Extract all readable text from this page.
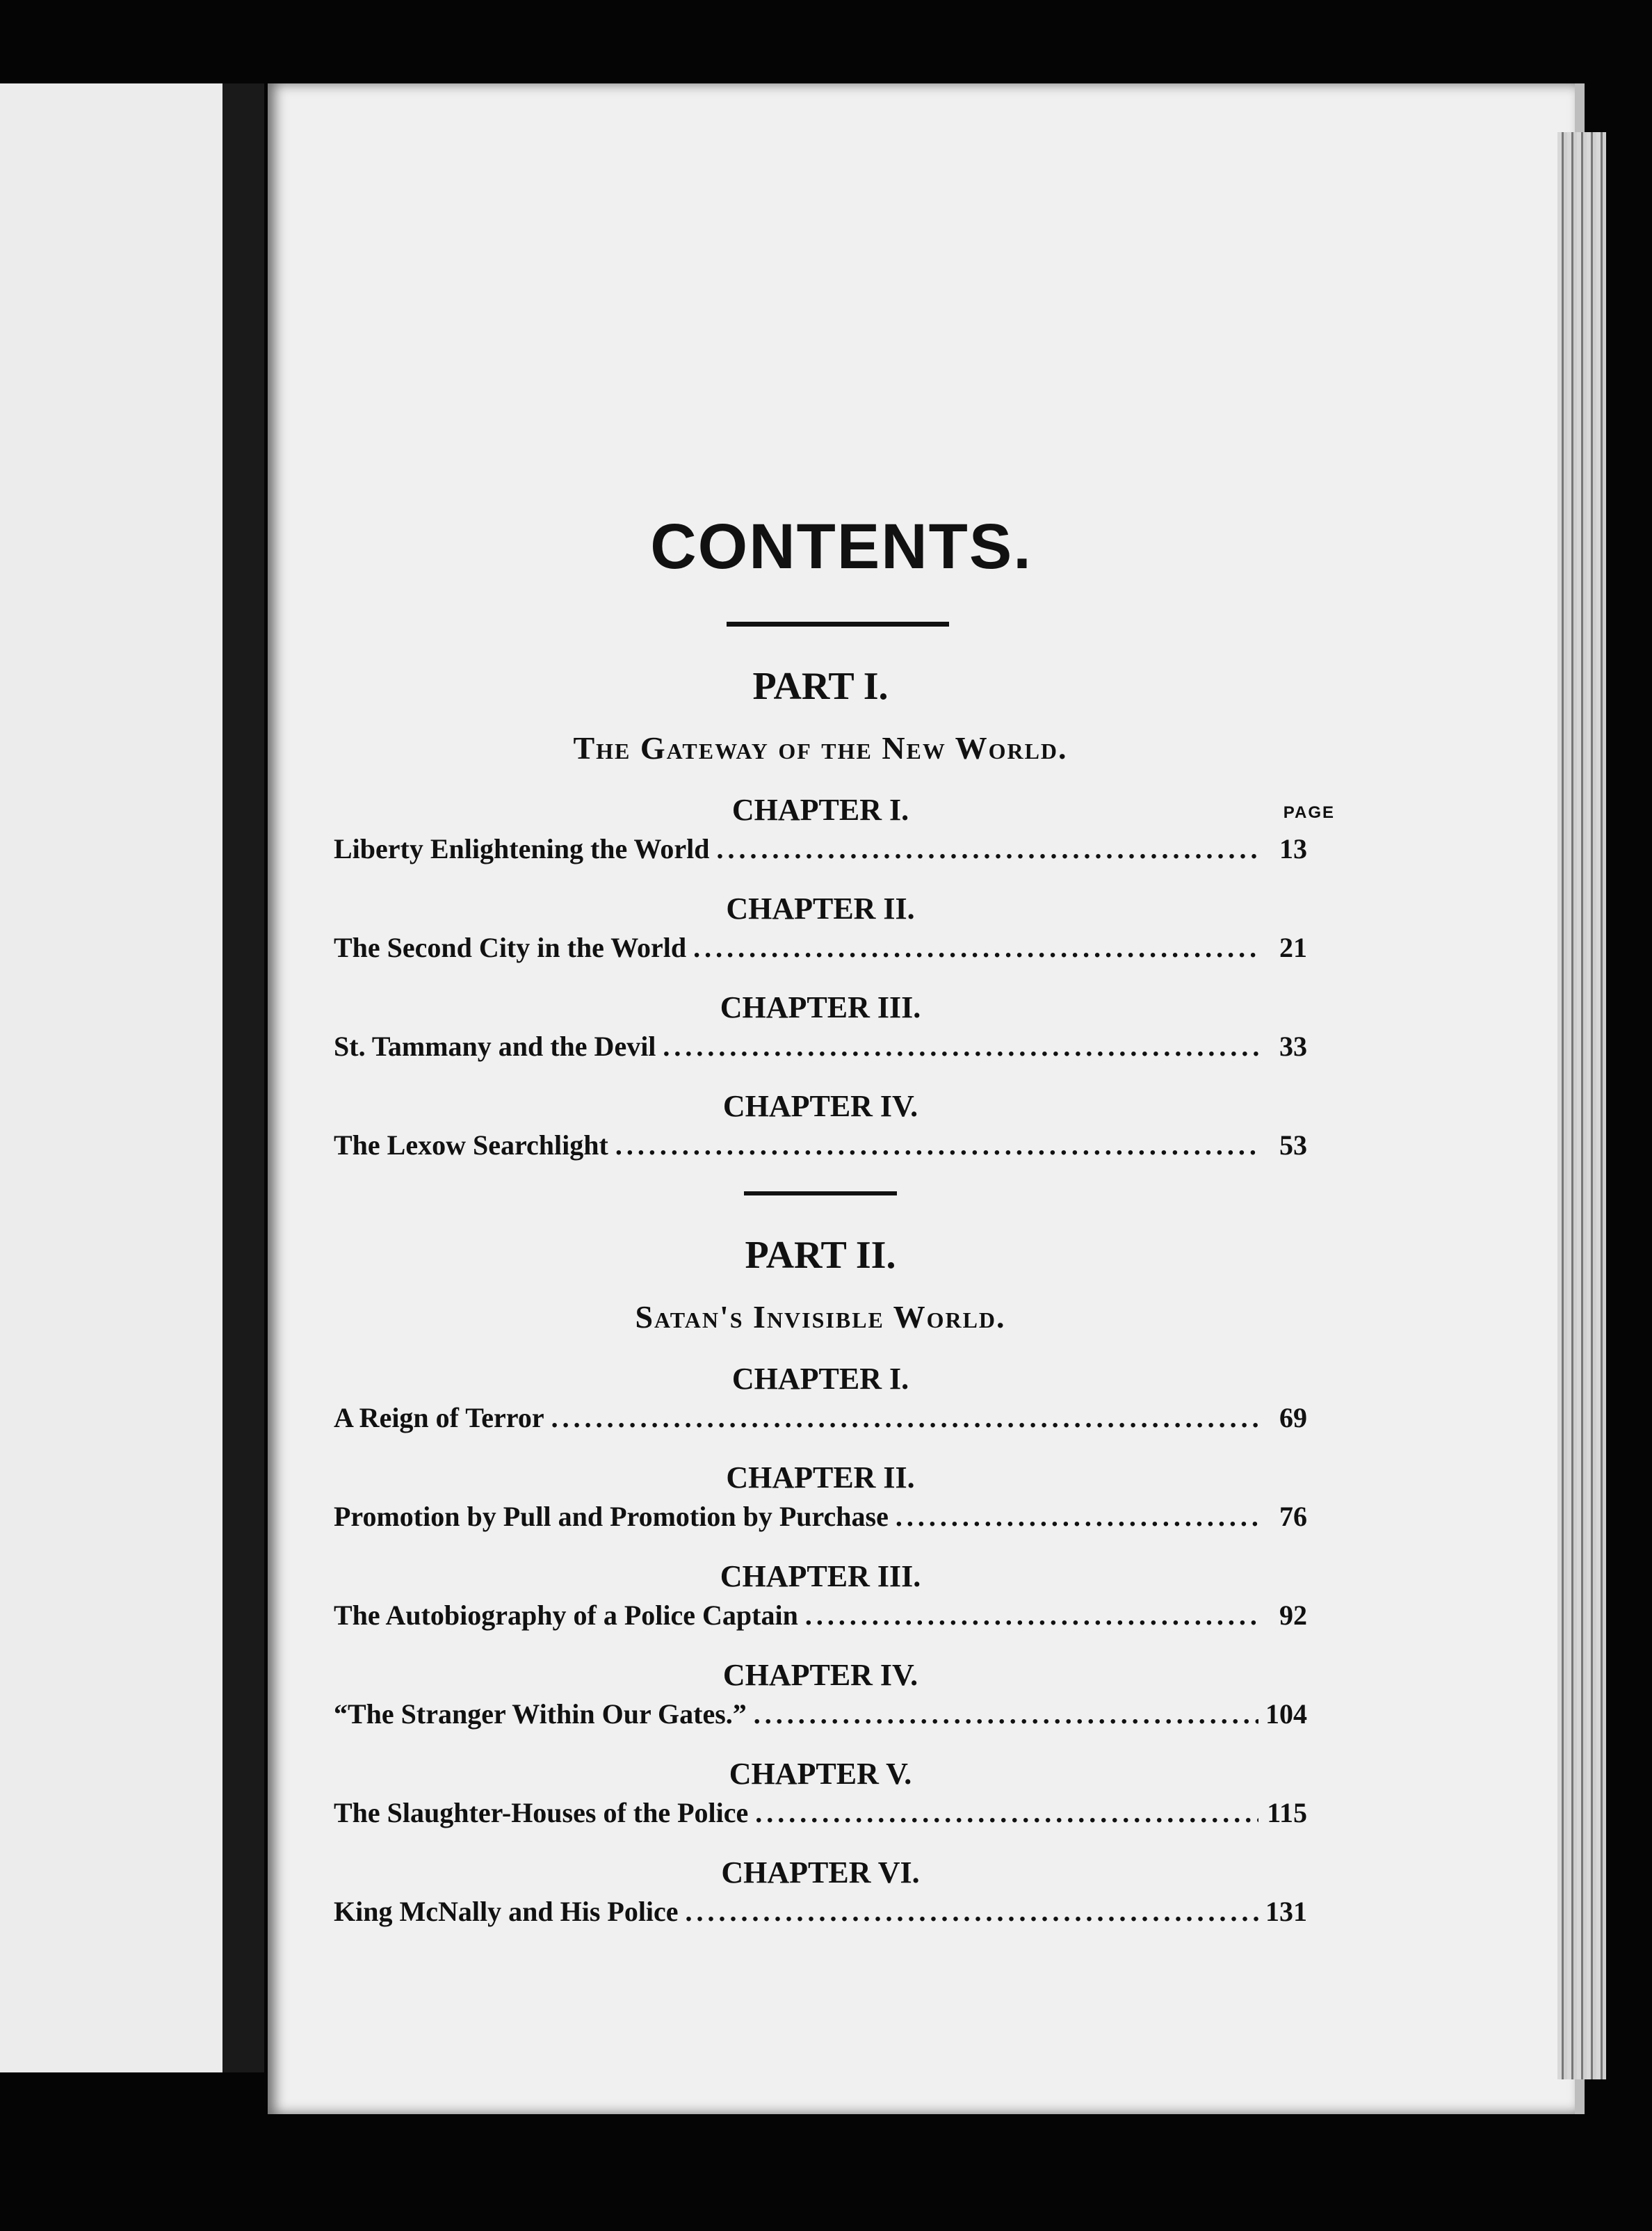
CONTENTS.
PART I.
The Gateway of the New World.
CHAPTER I.	PAGE
Liberty Enlightening the World .....	13
CHAPTER II.
The Second City in the World .....	21
CHAPTER III.
St. Tammany and the Devil .....	33
CHAPTER IV.
The Lexow Searchlight .....	53
PART II.
Satan's Invisible World.
CHAPTER I.
A Reign of Terror .....	69
CHAPTER II.
Promotion by Pull and Promotion by Purchase .....	76
CHAPTER III.
The Autobiography of a Police Captain .....	92
CHAPTER IV.
“The Stranger Within Our Gates.” .....	104
CHAPTER V.
The Slaughter-Houses of the Police .....	115
CHAPTER VI.
King McNally and His Police .....	131
